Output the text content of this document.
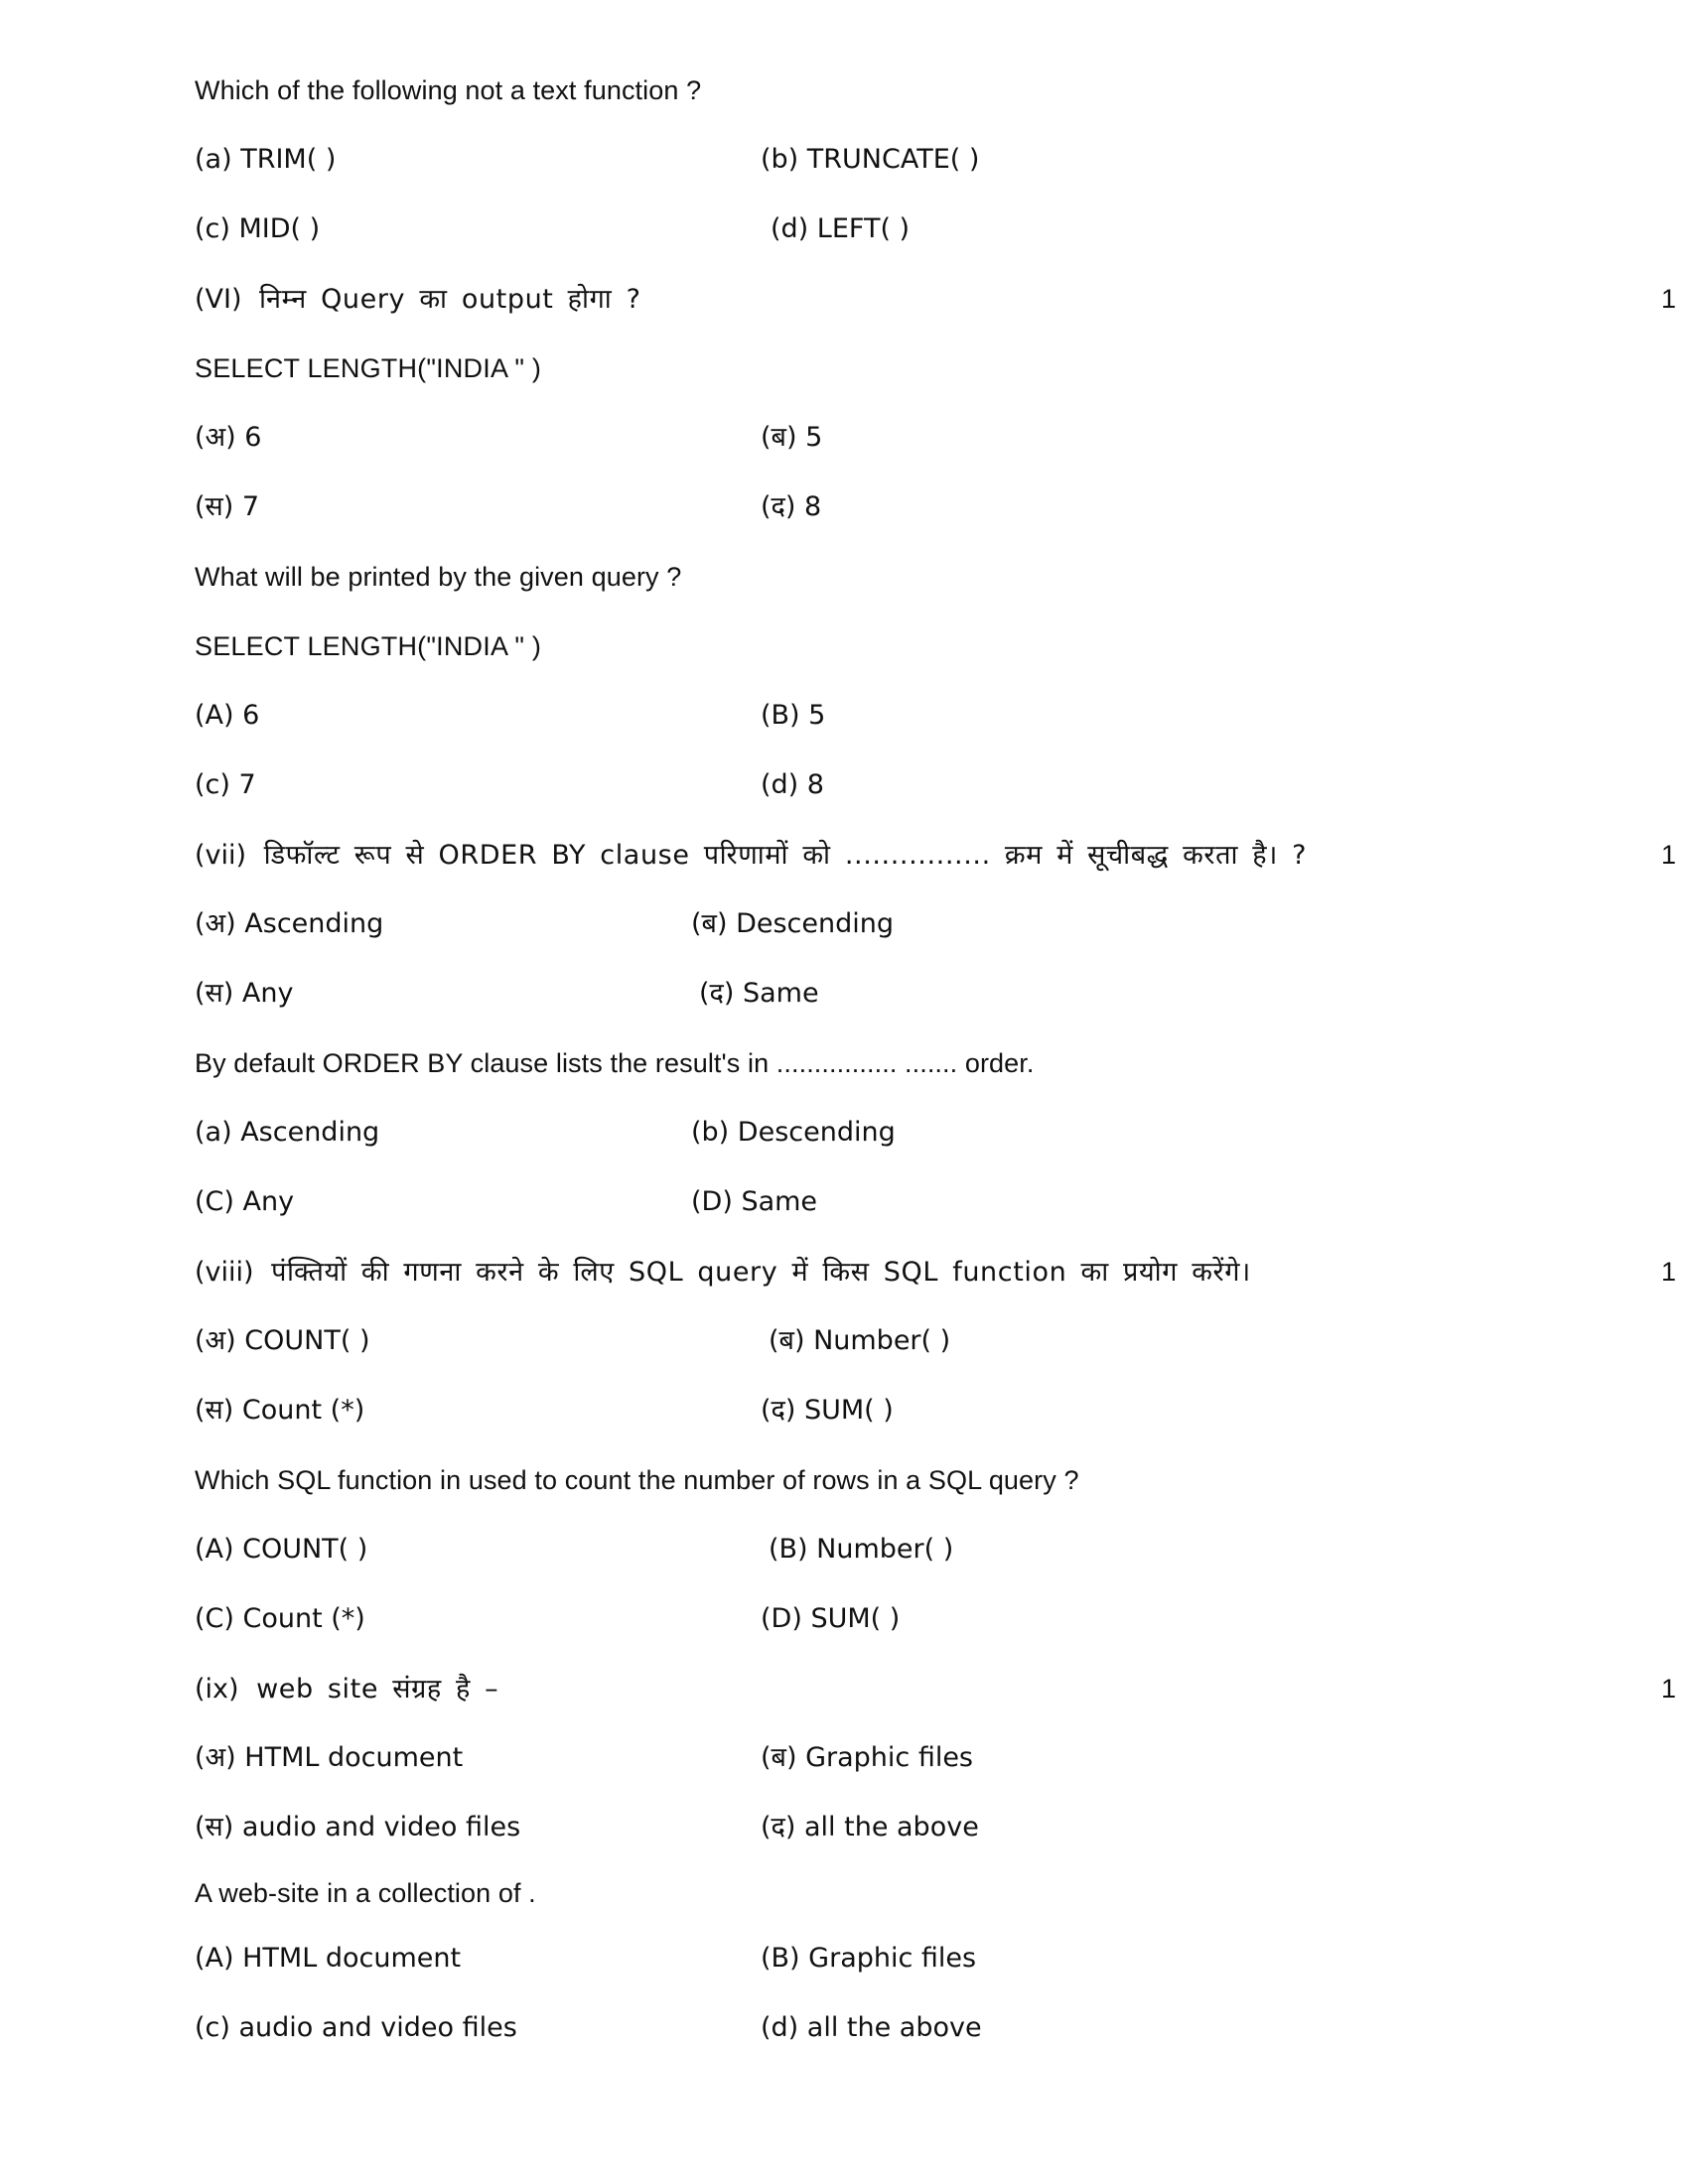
Which of the following not a text function ?
(a) TRIM( )	(b) TRUNCATE( )
(c) MID( )	(d) LEFT( )
(VI) निम्न Query का output होगा ?	1
SELECT LENGTH("INDIA " )
(अ) 6	(ब) 5
(स) 7	(द) 8
What will be printed by the given query ?
SELECT LENGTH("INDIA " )
(A) 6	(B) 5
(c) 7	(d) 8
(vii) डिफॉल्ट रूप से ORDER BY clause परिणामों को ................ क्रम में सूचीबद्ध करता है। ?	1
(अ) Ascending	(ब) Descending
(स) Any	(द) Same
By default ORDER BY clause lists the result's in ................ ....... order.
(a) Ascending	(b) Descending
(C) Any	(D) Same
(viii) पंक्तियों की गणना करने के लिए SQL query में किस SQL function का प्रयोग करेंगे।	1
(अ) COUNT( )	(ब) Number( )
(स) Count (*)	(द) SUM( )
Which SQL function in used to count the number of rows in a SQL query ?
(A) COUNT( )	(B) Number( )
(C) Count (*)	(D) SUM( )
(ix) web site संग्रह है –	1
(अ) HTML document	(ब) Graphic files
(स) audio and video files	(द) all the above
A web-site in a collection of .
(A) HTML document	(B) Graphic files
(c) audio and video files	(d) all the above
